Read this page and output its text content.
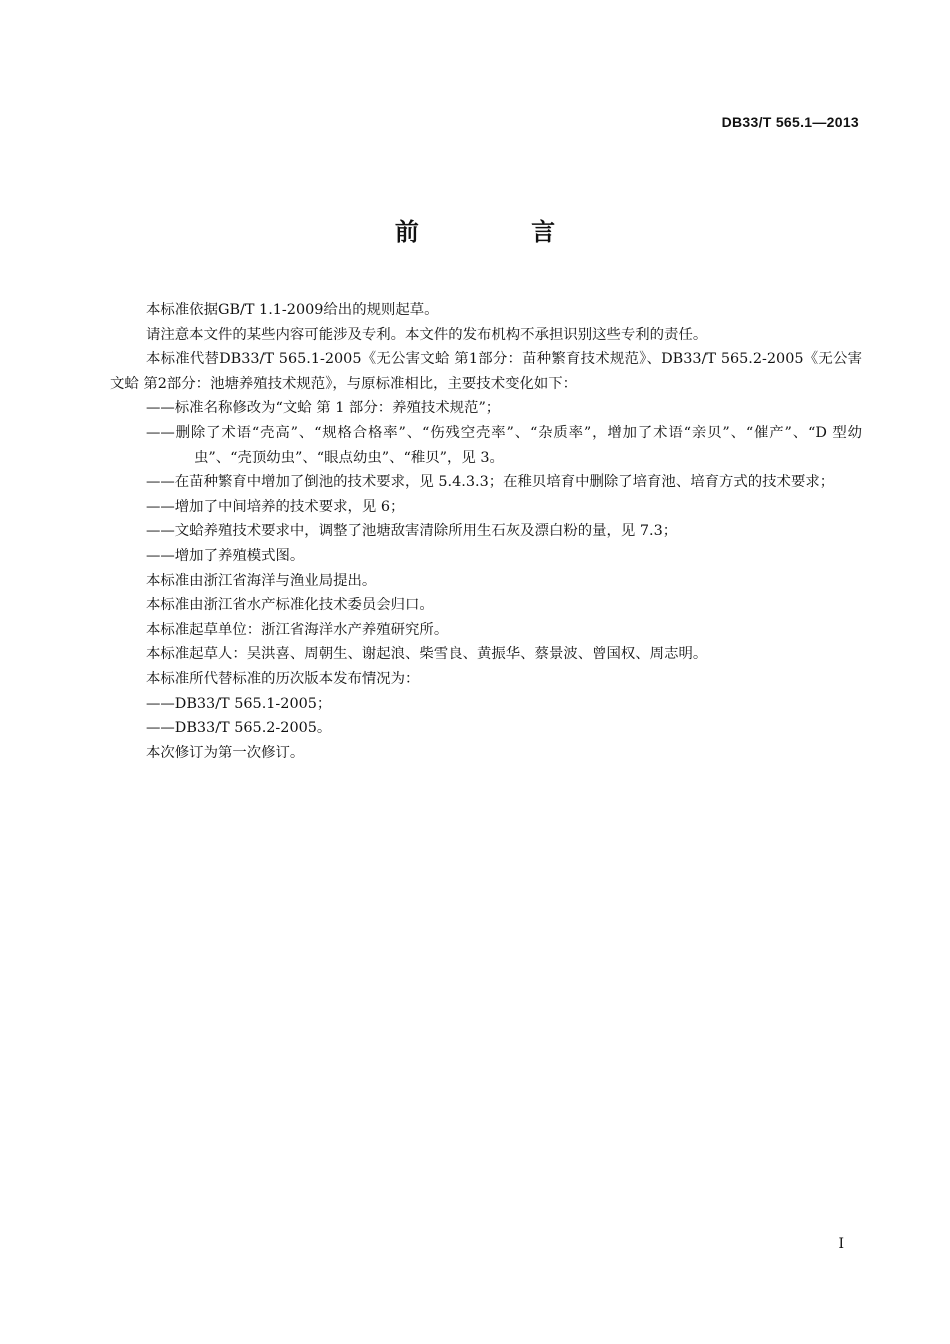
DB33/T 565.1—2013
前 言

本标准依据GB/T 1.1-2009给出的规则起草。

请注意本文件的某些内容可能涉及专利。本文件的发布机构不承担识别这些专利的责任。

本标准代替DB33/T 565.1-2005《无公害文蛤 第1部分：苗种繁育技术规范》、DB33/T 565.2-2005《无公害文蛤 第2部分：池塘养殖技术规范》，与原标准相比，主要技术变化如下：

——标准名称修改为“文蛤 第 1 部分：养殖技术规范”；

——删除了术语“壳高”、“规格合格率”、“伤残空壳率”、“杂质率”，增加了术语“亲贝”、“催产”、“D 型幼虫”、“壳顶幼虫”、“眼点幼虫”、“稚贝”，见 3。

——在苗种繁育中增加了倒池的技术要求，见 5.4.3.3；在稚贝培育中删除了培育池、培育方式的技术要求；

——增加了中间培养的技术要求，见 6；

——文蛤养殖技术要求中，调整了池塘敌害清除所用生石灰及漂白粉的量，见 7.3；

——增加了养殖模式图。

本标准由浙江省海洋与渔业局提出。

本标准由浙江省水产标准化技术委员会归口。

本标准起草单位：浙江省海洋水产养殖研究所。

本标准起草人：吴洪喜、周朝生、谢起浪、柴雪良、黄振华、蔡景波、曾国权、周志明。

本标准所代替标准的历次版本发布情况为：

——DB33/T 565.1-2005；

——DB33/T 565.2-2005。

本次修订为第一次修订。

I
